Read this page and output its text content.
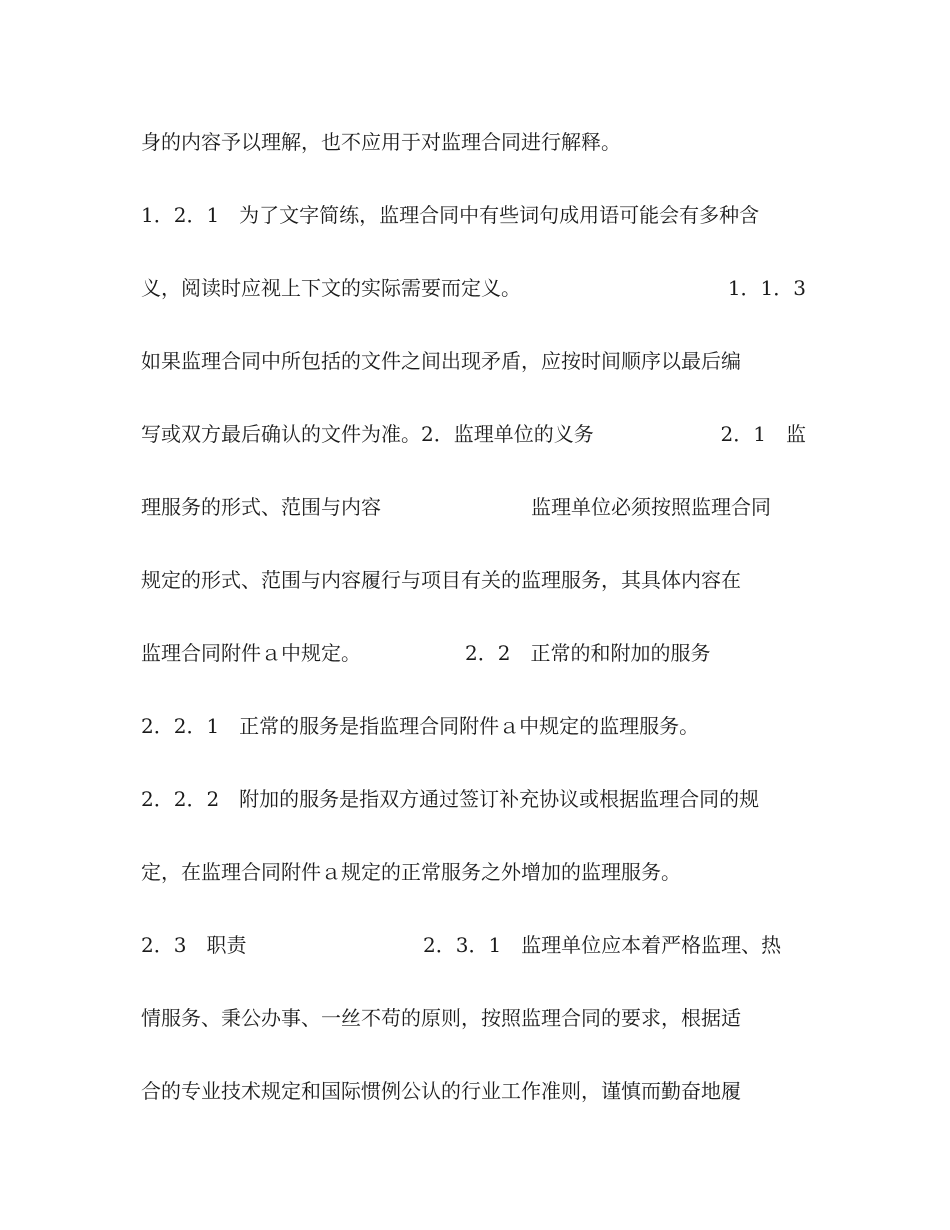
身的内容予以理解，也不应用于对监理合同进行解释。

1．2．1　为了文字简练，监理合同中有些词句成用语可能会有多种含

义，阅读时应视上下文的实际需要而定义。

	1．1．3

如果监理合同中所包括的文件之间出现矛盾，应按时间顺序以最后编

写或双方最后确认的文件为准。2．监理单位的义务

	2．1　监

理服务的形式、范围与内容

	监理单位必须按照监理合同

规定的形式、范围与内容履行与项目有关的监理服务，其具体内容在

监理合同附件ａ中规定。

	2．2　正常的和附加的服务

2．2．1　正常的服务是指监理合同附件ａ中规定的监理服务。

2．2．2　附加的服务是指双方通过签订补充协议或根据监理合同的规

定，在监理合同附件ａ规定的正常服务之外增加的监理服务。

2．3　职责

	2．3．1　监理单位应本着严格监理、热

情服务、秉公办事、一丝不苟的原则，按照监理合同的要求，根据适

合的专业技术规定和国际惯例公认的行业工作准则，谨慎而勤奋地履
